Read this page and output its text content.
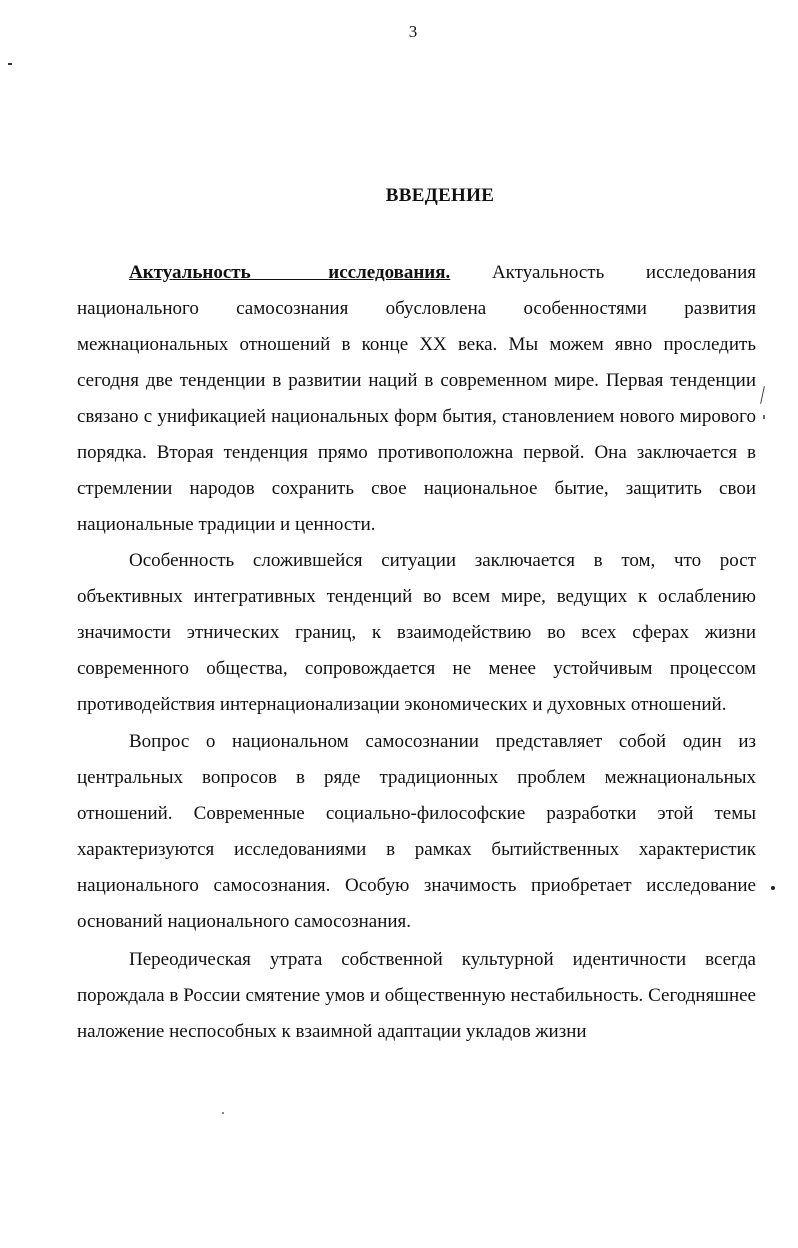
3
ВВЕДЕНИЕ

Актуальность исследования. Актуальность исследования национального самосознания обусловлена особенностями развития межнациональных отношений в конце XX века. Мы можем явно проследить сегодня две тенденции в развитии наций в современном мире. Первая тенденции связано с унификацией национальных форм бытия, становлением нового мирового порядка. Вторая тенденция прямо противоположна первой. Она заключается в стремлении народов сохранить свое национальное бытие, защитить свои национальные традиции и ценности.

Особенность сложившейся ситуации заключается в том, что рост объективных интегративных тенденций во всем мире, ведущих к ослаблению значимости этнических границ, к взаимодействию во всех сферах жизни современного общества, сопровождается не менее устойчивым процессом противодействия интернационализации экономических и духовных отношений.

Вопрос о национальном самосознании представляет собой один из центральных вопросов в ряде традиционных проблем межнациональных отношений. Современные социально-философские разработки этой темы характеризуются исследованиями в рамках бытийственных характеристик национального самосознания. Особую значимость приобретает исследование оснований национального самосознания.

Переодическая утрата собственной культурной идентичности всегда порождала в России смятение умов и общественную нестабильность. Сегодняшнее наложение неспособных к взаимной адаптации укладов жизни
